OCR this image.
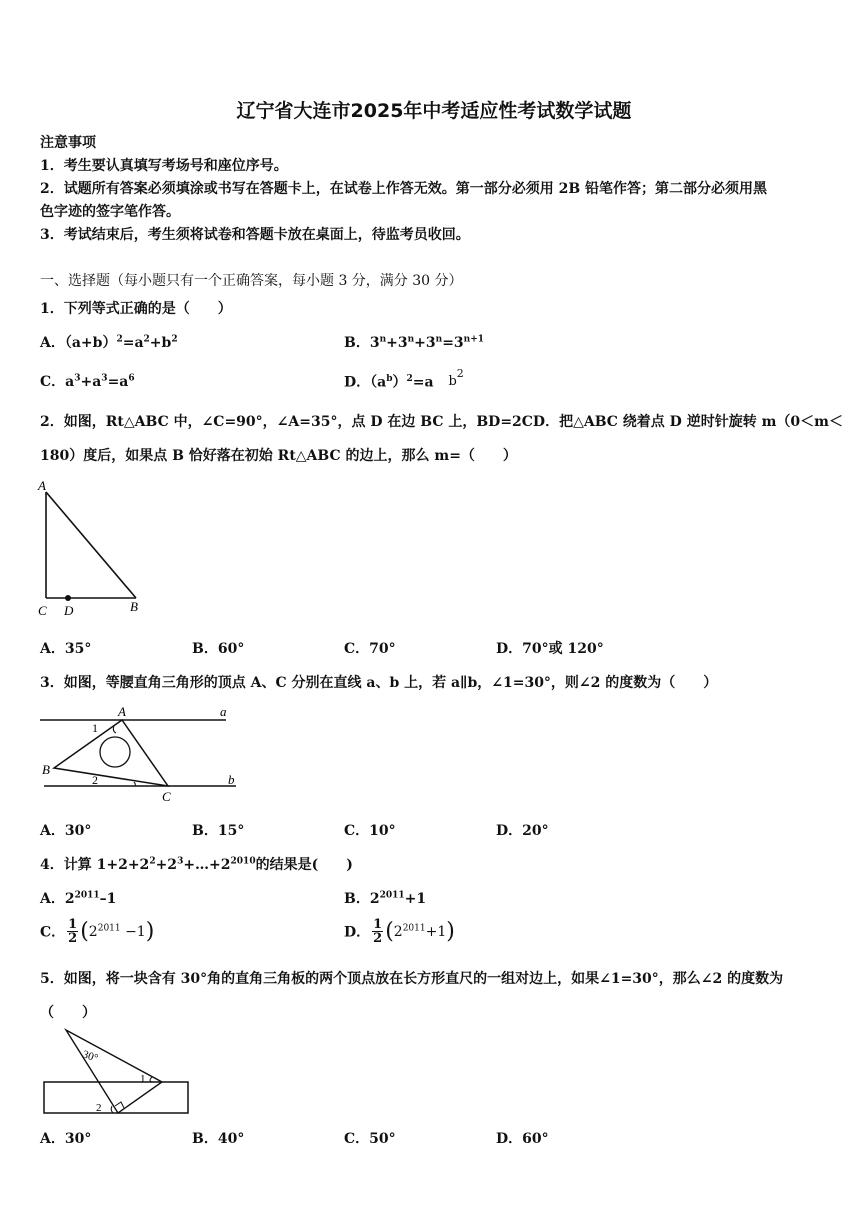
辽宁省大连市2025年中考适应性考试数学试题
注意事项
1．考生要认真填写考场号和座位序号。
2．试题所有答案必须填涂或书写在答题卡上，在试卷上作答无效。第一部分必须用 2B 铅笔作答；第二部分必须用黑
色字迹的签字笔作答。
3．考试结束后，考生须将试卷和答题卡放在桌面上，待监考员收回。
一、选择题（每小题只有一个正确答案，每小题 3 分，满分 30 分）
1．下列等式正确的是（　　）
A．$(a+b)^2=a^2+b^2$	B．$3^n+3^n+3^n=3^{n+1}$
C．$a^3+a^3=a^6$	D．$(a^b)^2=a$ $b^2$
2．如图，Rt△ABC 中，∠C=90°，∠A=35°，点 D 在边 BC 上，BD=2CD．把△ABC 绕着点 D 逆时针旋转 m（0＜m＜
180）度后，如果点 B 恰好落在初始 Rt△ABC 的边上，那么 m=（　　）
A
C D	B
A．35°	B．60°	C．70°	D．70°或 120°
3．如图，等腰直角三角形的顶点 A、C 分别在直线 a、b 上，若 a∥b，∠1=30°，则∠2 的度数为（　　）
A	a
1
B
2
C
b
A．30°	B．15°	C．10°	D．20°
4．计算 $1+2+2^2+2^3+\dots+2^{2010}$的结果是(　　)
A．$2^{2011}-1$	B．$2^{2011}+1$
C． $\frac{1}{2} (2^{2011} -1)$	D． $\frac{1}{2} (2^{2011}+1)$
5．如图，将一块含有 30°角的直角三角板的两个顶点放在长方形直尺的一组对边上，如果∠1=30°，那么∠2 的度数为
（　　）
30°
1
2
A．30°	B．40°	C．50°	D．60°
